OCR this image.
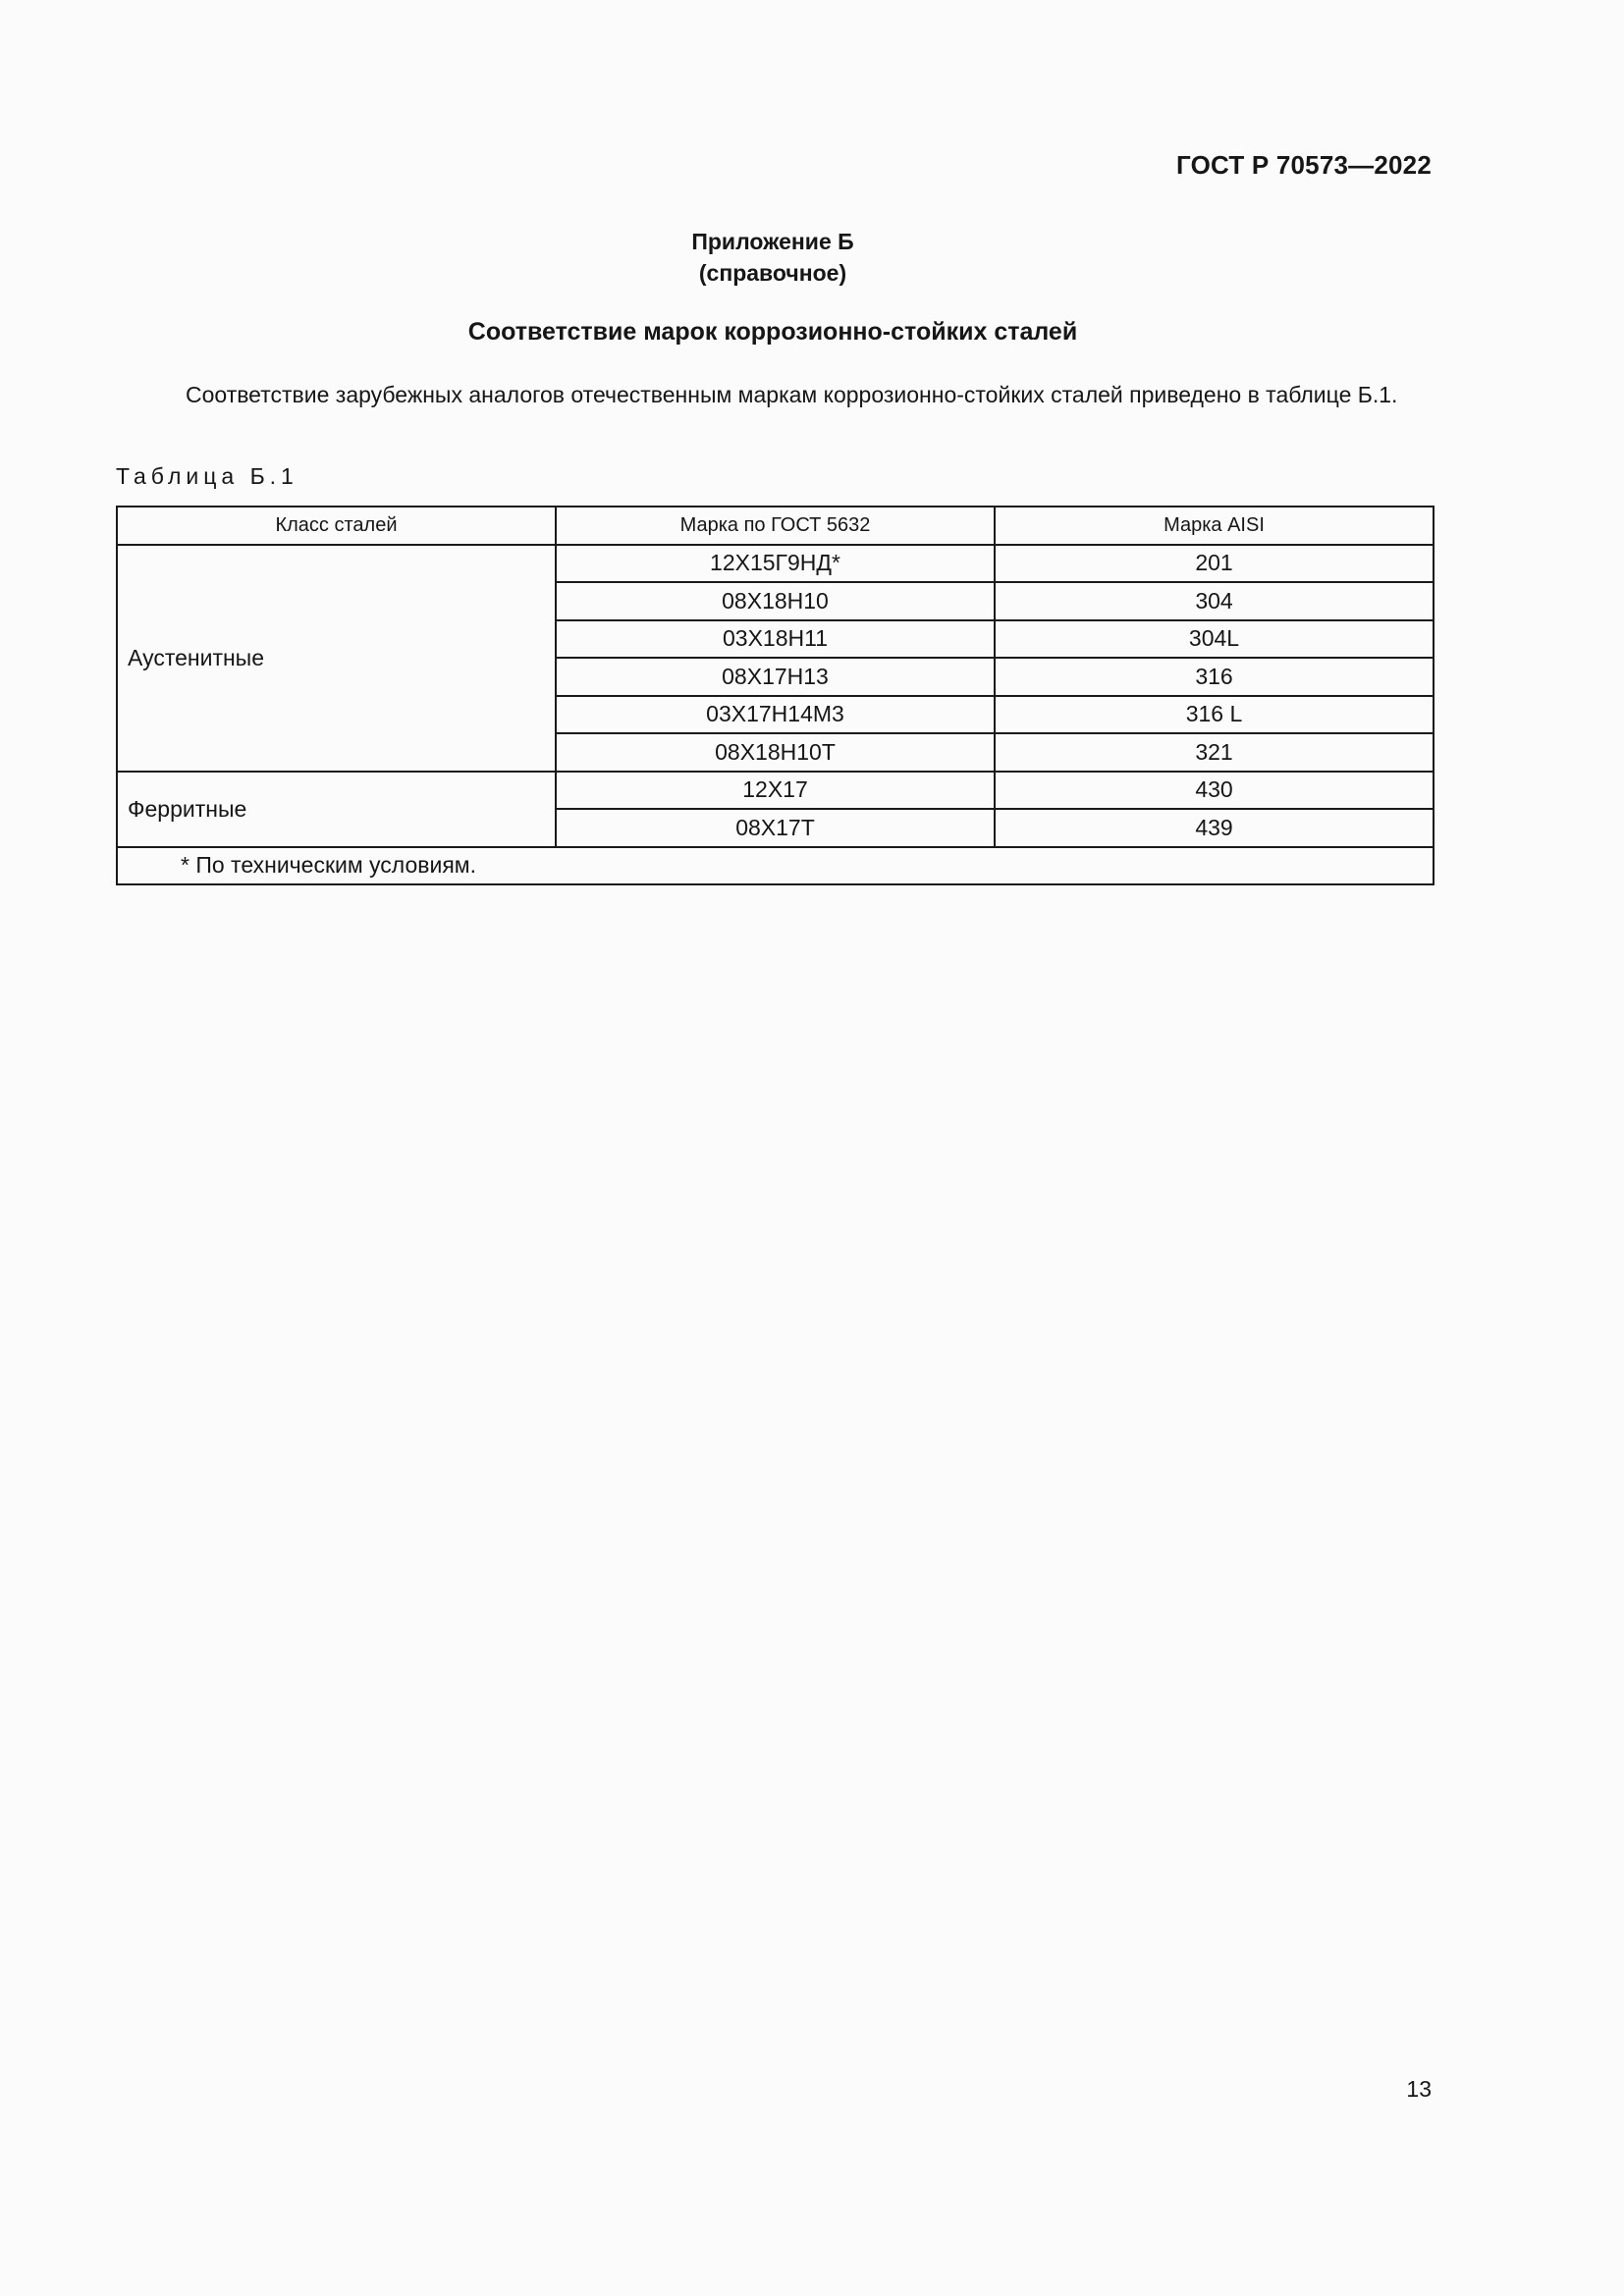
ГОСТ Р 70573—2022
Приложение Б
(справочное)
Соответствие марок коррозионно-стойких сталей
Соответствие зарубежных аналогов отечественным маркам коррозионно-стойких сталей приведено в таблице Б.1.
Таблица Б.1
Класс сталей	Марка по ГОСТ 5632	Марка AISI
Аустенитные	12Х15Г9НД*	201
	08Х18Н10	304
	03Х18Н11	304L
	08Х17Н13	316
	03Х17Н14М3	316 L
	08Х18Н10Т	321
Ферритные	12Х17	430
	08Х17Т	439
* По техническим условиям.		
13
